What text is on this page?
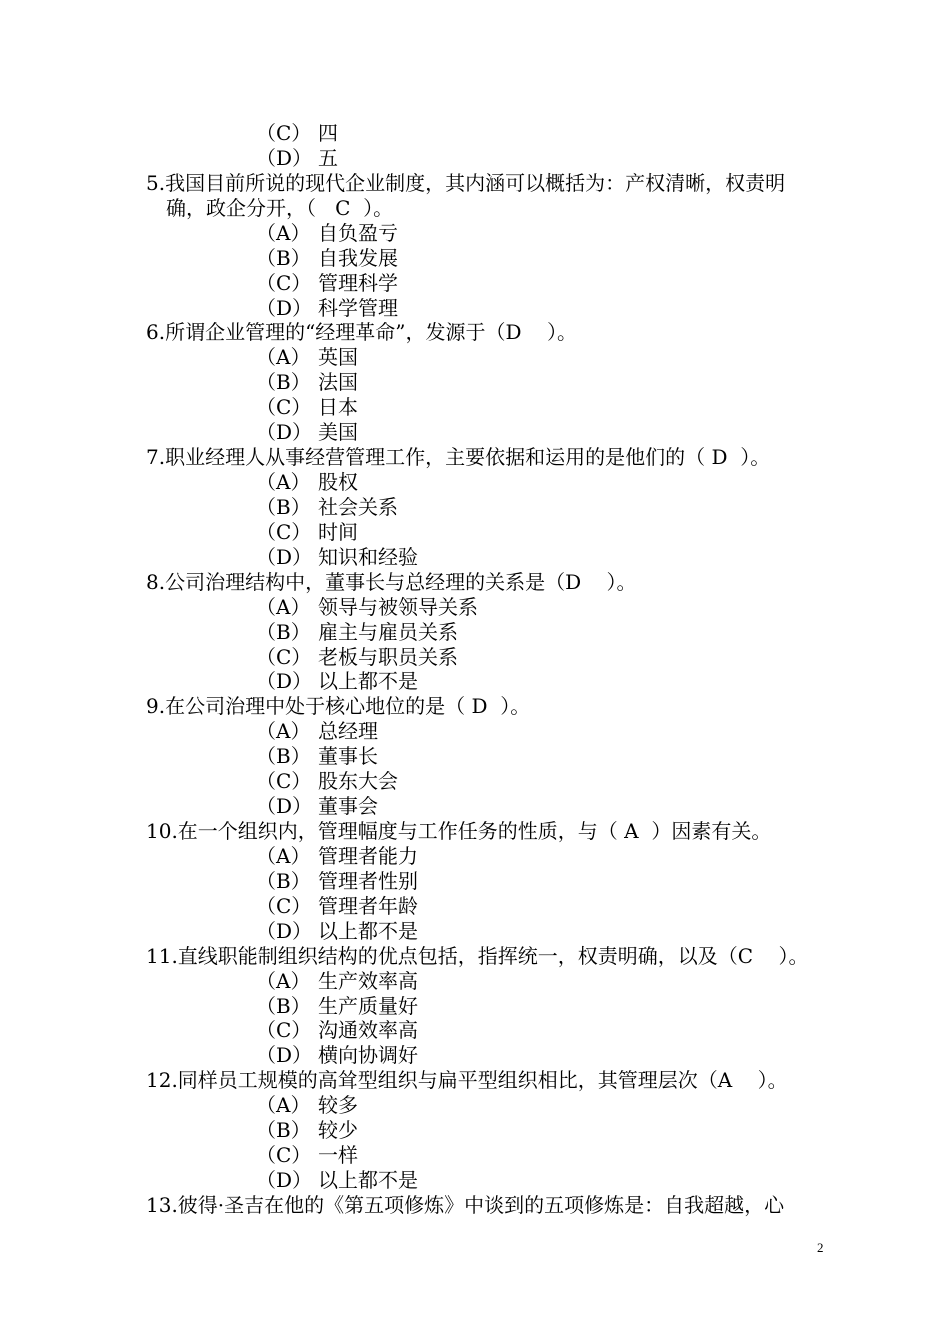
（C） 四
（D） 五
5.我国目前所说的现代企业制度，其内涵可以概括为：产权清晰，权责明
确，政企分开，（   C  ）。
（A） 自负盈亏
（B） 自我发展
（C） 管理科学
（D） 科学管理
6.所谓企业管理的“经理革命”，发源于（D    ）。
（A） 英国
（B） 法国
（C） 日本
（D） 美国
7.职业经理人从事经营管理工作，主要依据和运用的是他们的（ D  ）。
（A） 股权
（B） 社会关系
（C） 时间
（D） 知识和经验
8.公司治理结构中，董事长与总经理的关系是（D    ）。
（A） 领导与被领导关系
（B） 雇主与雇员关系
（C） 老板与职员关系
（D） 以上都不是
9.在公司治理中处于核心地位的是（ D  ）。
（A） 总经理
（B） 董事长
（C） 股东大会
（D） 董事会
10.在一个组织内，管理幅度与工作任务的性质，与（ A  ）因素有关。
（A） 管理者能力
（B） 管理者性别
（C） 管理者年龄
（D） 以上都不是
11.直线职能制组织结构的优点包括，指挥统一，权责明确，以及（C    ）。
（A） 生产效率高
（B） 生产质量好
（C） 沟通效率高
（D） 横向协调好
12.同样员工规模的高耸型组织与扁平型组织相比，其管理层次（A    ）。
（A） 较多
（B） 较少
（C） 一样
（D） 以上都不是
13.彼得·圣吉在他的《第五项修炼》中谈到的五项修炼是：自我超越，心
2
